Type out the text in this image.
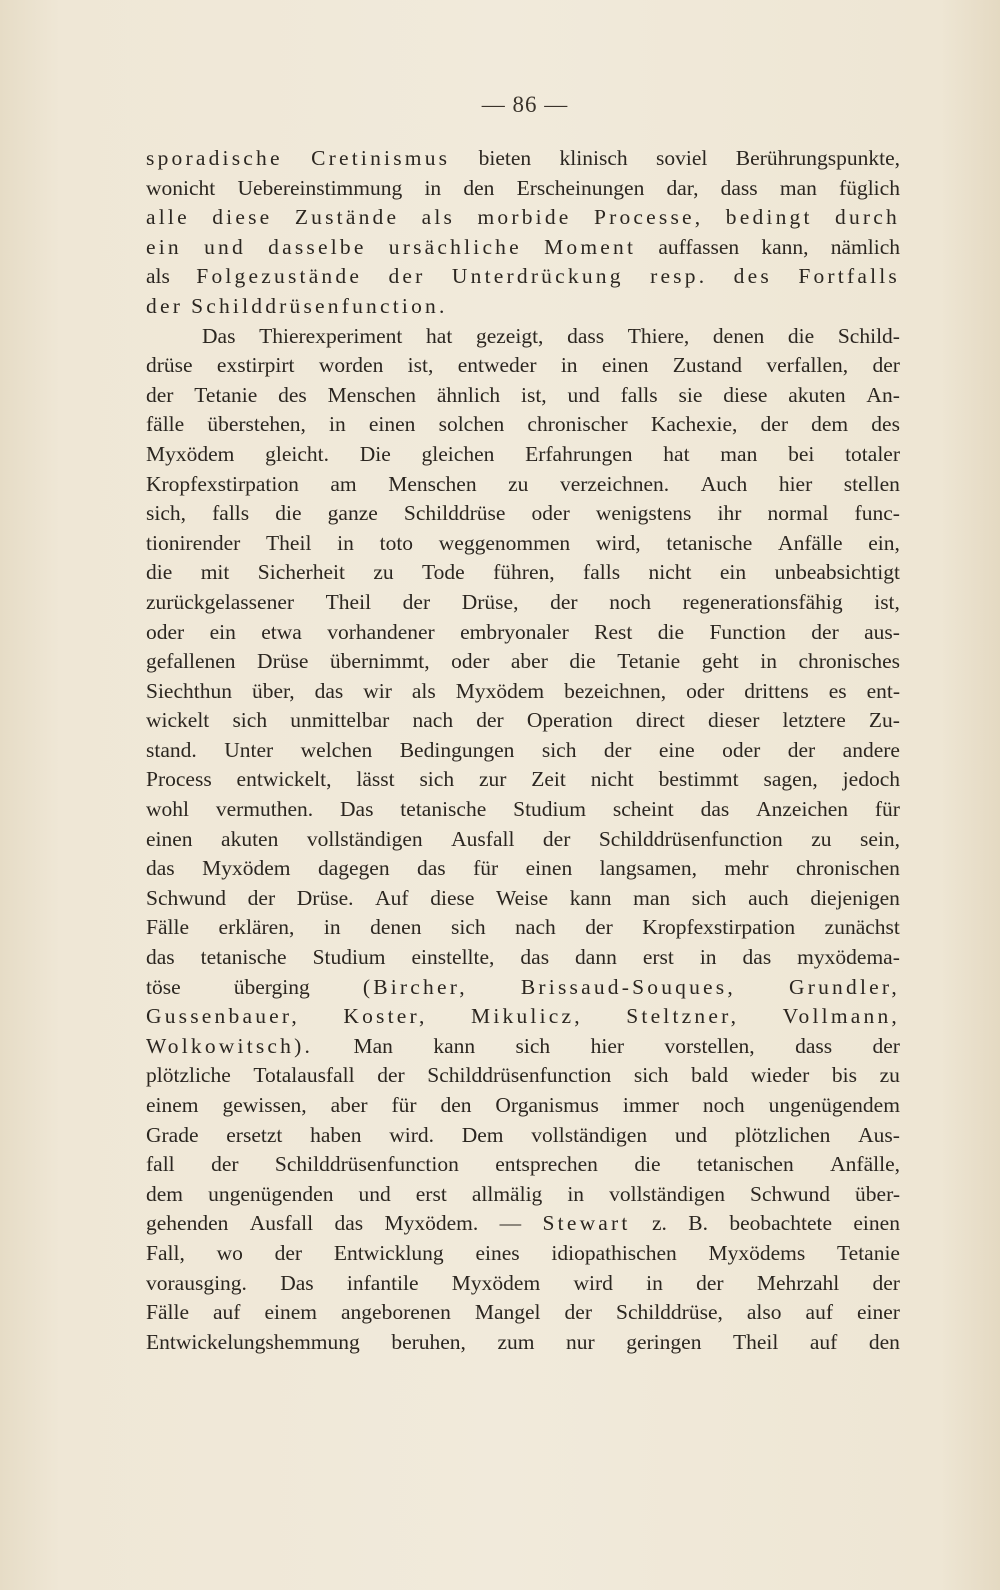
— 86 —
sporadische Cretinismus bieten klinisch soviel Berührungspunkte,
wonicht Uebereinstimmung in den Erscheinungen dar, dass man füglich
alle diese Zustände als morbide Processe, bedingt durch
ein und dasselbe ursächliche Moment auffassen kann, nämlich
als Folgezustände der Unterdrückung resp. des Fortfalls
der Schilddrüsenfunction.
Das Thierexperiment hat gezeigt, dass Thiere, denen die Schild-
drüse exstirpirt worden ist, entweder in einen Zustand verfallen, der
der Tetanie des Menschen ähnlich ist, und falls sie diese akuten An-
fälle überstehen, in einen solchen chronischer Kachexie, der dem des
Myxödem gleicht. Die gleichen Erfahrungen hat man bei totaler
Kropfexstirpation am Menschen zu verzeichnen. Auch hier stellen
sich, falls die ganze Schilddrüse oder wenigstens ihr normal func-
tionirender Theil in toto weggenommen wird, tetanische Anfälle ein,
die mit Sicherheit zu Tode führen, falls nicht ein unbeabsichtigt
zurückgelassener Theil der Drüse, der noch regenerationsfähig ist,
oder ein etwa vorhandener embryonaler Rest die Function der aus-
gefallenen Drüse übernimmt, oder aber die Tetanie geht in chronisches
Siechthun über, das wir als Myxödem bezeichnen, oder drittens es ent-
wickelt sich unmittelbar nach der Operation direct dieser letztere Zu-
stand. Unter welchen Bedingungen sich der eine oder der andere
Process entwickelt, lässt sich zur Zeit nicht bestimmt sagen, jedoch
wohl vermuthen. Das tetanische Studium scheint das Anzeichen für
einen akuten vollständigen Ausfall der Schilddrüsenfunction zu sein,
das Myxödem dagegen das für einen langsamen, mehr chronischen
Schwund der Drüse. Auf diese Weise kann man sich auch diejenigen
Fälle erklären, in denen sich nach der Kropfexstirpation zunächst
das tetanische Studium einstellte, das dann erst in das myxödema-
töse überging (Bircher, Brissaud-Souques, Grundler,
Gussenbauer, Koster, Mikulicz, Steltzner, Vollmann,
Wolkowitsch). Man kann sich hier vorstellen, dass der
plötzliche Totalausfall der Schilddrüsenfunction sich bald wieder bis zu
einem gewissen, aber für den Organismus immer noch ungenügendem
Grade ersetzt haben wird. Dem vollständigen und plötzlichen Aus-
fall der Schilddrüsenfunction entsprechen die tetanischen Anfälle,
dem ungenügenden und erst allmälig in vollständigen Schwund über-
gehenden Ausfall das Myxödem. — Stewart z. B. beobachtete einen
Fall, wo der Entwicklung eines idiopathischen Myxödems Tetanie
vorausging. Das infantile Myxödem wird in der Mehrzahl der
Fälle auf einem angeborenen Mangel der Schilddrüse, also auf einer
Entwickelungshemmung beruhen, zum nur geringen Theil auf den
